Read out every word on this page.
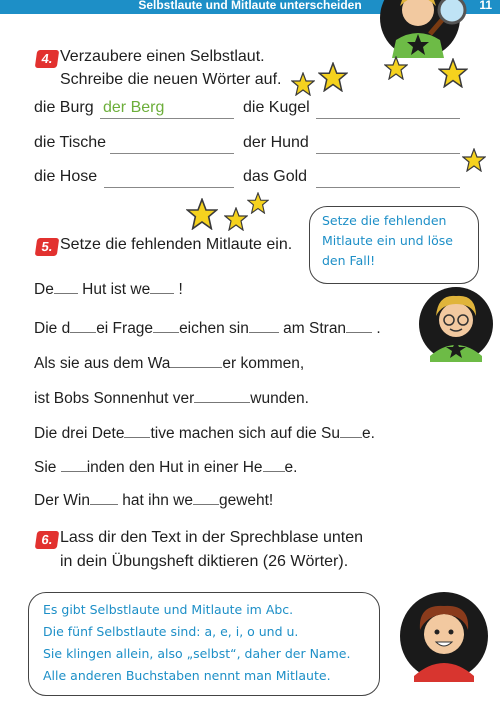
Selbstlaute und Mitlaute unterscheiden	11
4. Verzaubere einen Selbstlaut.
Schreibe die neuen Wörter auf.
die Burg der Berg	die Kugel
die Tische	der Hund
die Hose	das Gold
5. Setze die fehlenden Mitlaute ein.
Setze die fehlenden
Mitlaute ein und löse
den Fall!
De Hut ist we !
Die d ei Frage eichen sin am Stran .
Als sie aus dem Wa	er kommen,
ist Bobs Sonnenhut ver	wunden.
Die drei Dete tive machen sich auf die Su e.
Sie inden den Hut in einer He e.
Der Win hat ihn we geweht!
6. Lass dir den Text in der Sprechblase unten
in dein Übungsheft diktieren (26 Wörter).
Es gibt Selbstlaute und Mitlaute im Abc.
Die fünf Selbstlaute sind: a, e, i, o und u.
Sie klingen allein, also „selbst“, daher der Name.
Alle anderen Buchstaben nennt man Mitlaute.
